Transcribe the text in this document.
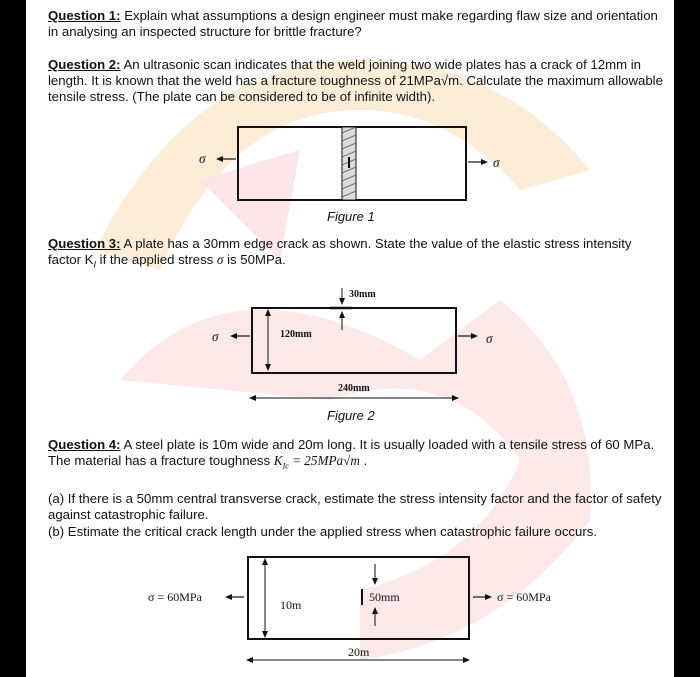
Question 1: Explain what assumptions a design engineer must make regarding flaw size and orientation in analysing an inspected structure for brittle fracture?
Question 2: An ultrasonic scan indicates that the weld joining two wide plates has a crack of 12mm in length. It is known that the weld has a fracture toughness of 21MPa√m. Calculate the maximum allowable tensile stress. (The plate can be considered to be of infinite width).
σ	σ
Figure 1
Question 3: A plate has a 30mm edge crack as shown. State the value of the elastic stress intensity factor $K_I$ if the applied stress σ is 50MPa.
30mm
120mm
240mm
σ	σ
Figure 2
Question 4: A steel plate is 10m wide and 20m long. It is usually loaded with a tensile stress of 60 MPa. The material has a fracture toughness $K_{Ic} = 25MPa√m$ .
(a) If there is a 50mm central transverse crack, estimate the stress intensity factor and the factor of safety against catastrophic failure.
(b) Estimate the critical crack length under the applied stress when catastrophic failure occurs.
σ = 60MPa	σ = 60MPa
10m
50mm
20m
